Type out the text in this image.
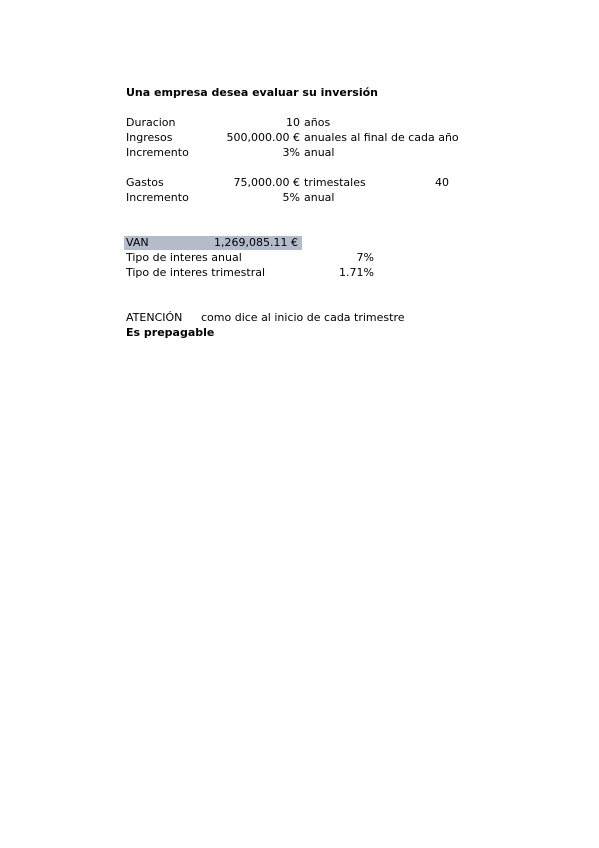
Una empresa desea evaluar su inversión
Duracion	10 años
Ingresos	500,000.00 € anuales al final de cada año
Incremento	3% anual
Gastos	75,000.00 € trimestales	40
Incremento	5% anual
VAN	1,269,085.11 €
Tipo de interes anual	7%
Tipo de interes trimestral	1.71%
ATENCIÓN como dice al inicio de cada trimestre
Es prepagable
